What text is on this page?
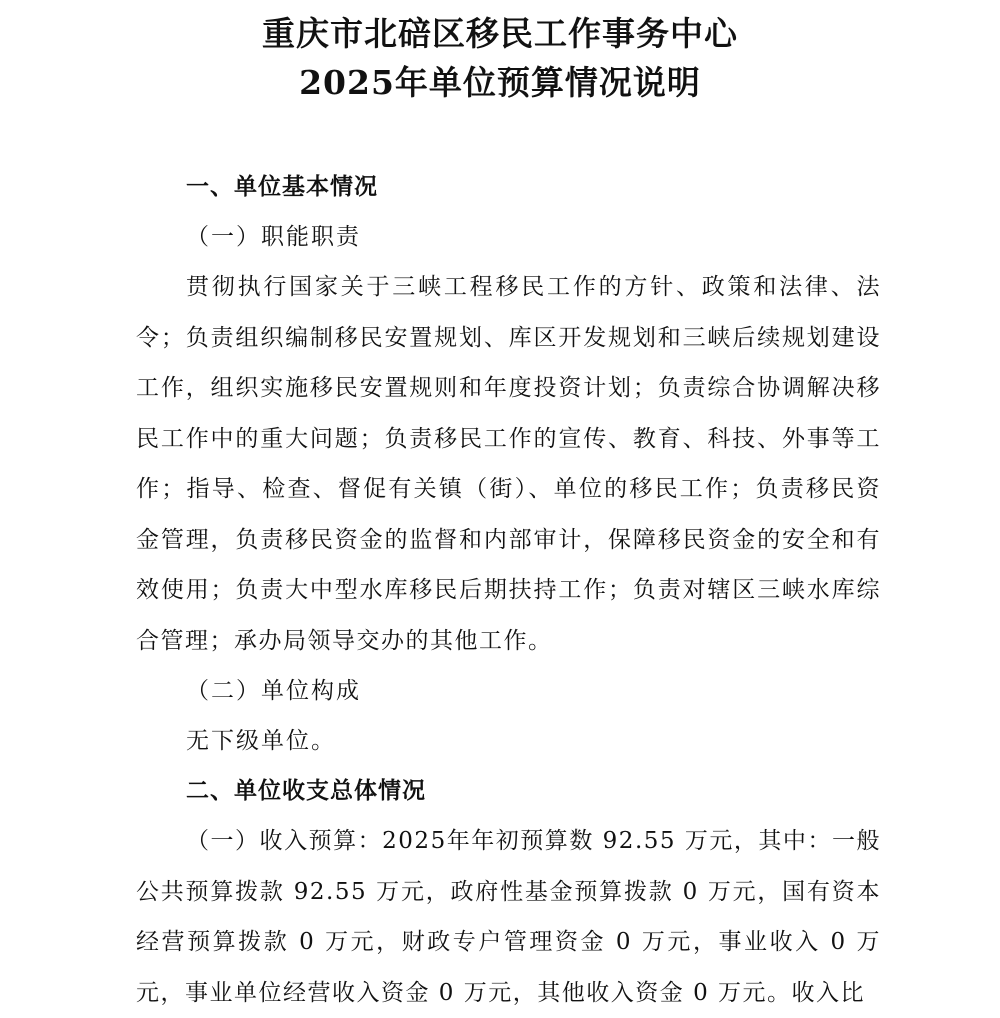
重庆市北碚区移民工作事务中心
2025年单位预算情况说明
一、单位基本情况
（一）职能职责

贯彻执行国家关于三峡工程移民工作的方针、政策和法律、法令；负责组织编制移民安置规划、库区开发规划和三峡后续规划建设工作，组织实施移民安置规则和年度投资计划；负责综合协调解决移民工作中的重大问题；负责移民工作的宣传、教育、科技、外事等工作；指导、检查、督促有关镇（街）、单位的移民工作；负责移民资金管理，负责移民资金的监督和内部审计，保障移民资金的安全和有效使用；负责大中型水库移民后期扶持工作；负责对辖区三峡水库综合管理；承办局领导交办的其他工作。

（二）单位构成
无下级单位。
二、单位收支总体情况

（一）收入预算：2025年年初预算数 92.55 万元，其中：一般公共预算拨款 92.55 万元，政府性基金预算拨款 0 万元，国有资本经营预算拨款 0 万元，财政专户管理资金 0 万元，事业收入 0 万元，事业单位经营收入资金 0 万元，其他收入资金 0 万元。收入比
